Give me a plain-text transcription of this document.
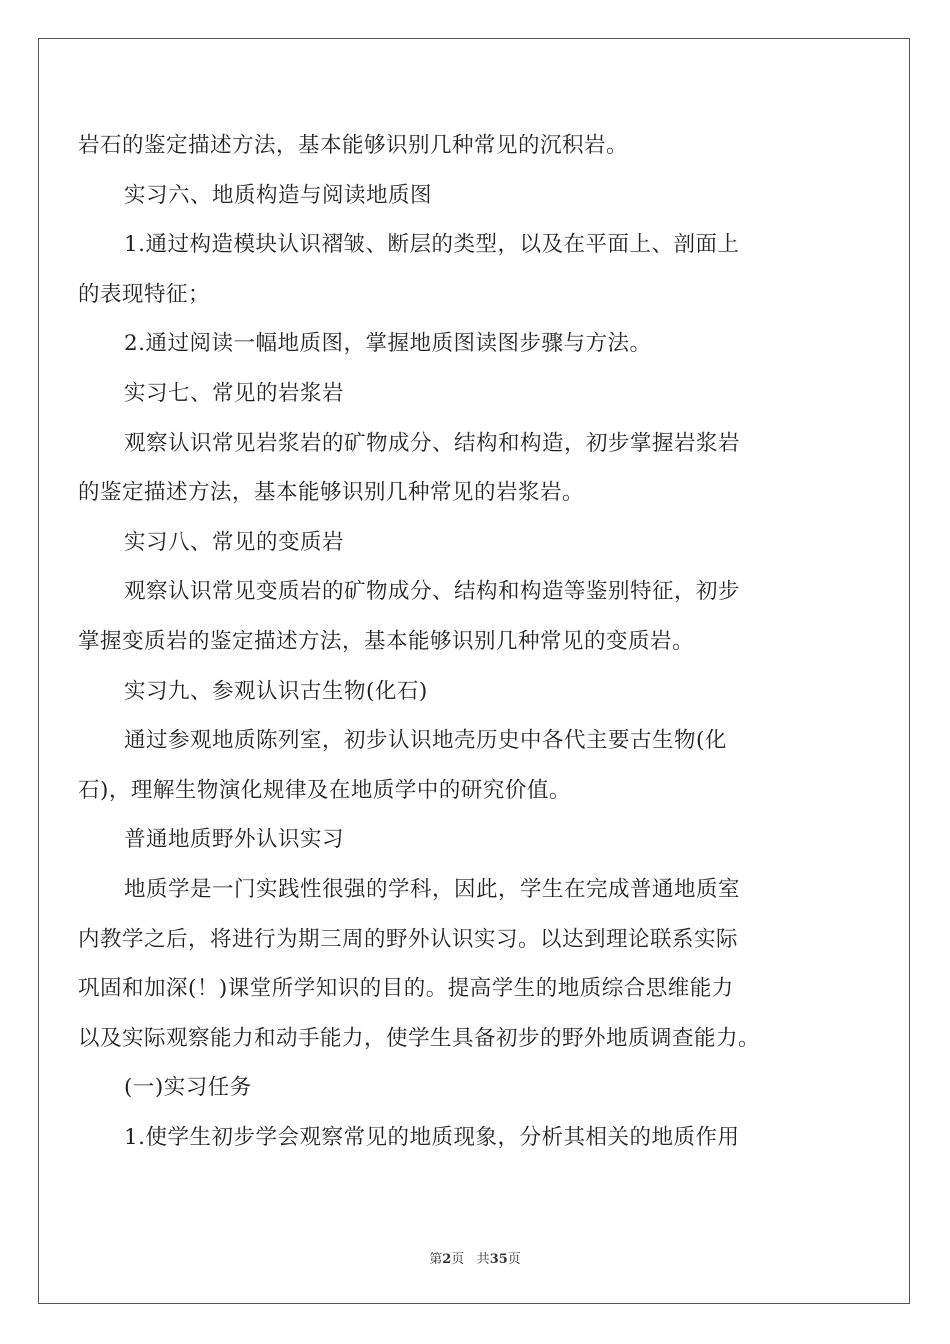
岩石的鉴定描述方法，基本能够识别几种常见的沉积岩。
实习六、地质构造与阅读地质图
1.通过构造模块认识褶皱、断层的类型，以及在平面上、剖面上
的表现特征；
2.通过阅读一幅地质图，掌握地质图读图步骤与方法。
实习七、常见的岩浆岩
观察认识常见岩浆岩的矿物成分、结构和构造，初步掌握岩浆岩
的鉴定描述方法，基本能够识别几种常见的岩浆岩。
实习八、常见的变质岩
观察认识常见变质岩的矿物成分、结构和构造等鉴别特征，初步
掌握变质岩的鉴定描述方法，基本能够识别几种常见的变质岩。
实习九、参观认识古生物(化石)
通过参观地质陈列室，初步认识地壳历史中各代主要古生物(化
石)，理解生物演化规律及在地质学中的研究价值。
普通地质野外认识实习
地质学是一门实践性很强的学科，因此，学生在完成普通地质室
内教学之后，将进行为期三周的野外认识实习。以达到理论联系实际
巩固和加深(！)课堂所学知识的目的。提高学生的地质综合思维能力
以及实际观察能力和动手能力，使学生具备初步的野外地质调查能力。
(一)实习任务
1.使学生初步学会观察常见的地质现象，分析其相关的地质作用
第2页 共35页
